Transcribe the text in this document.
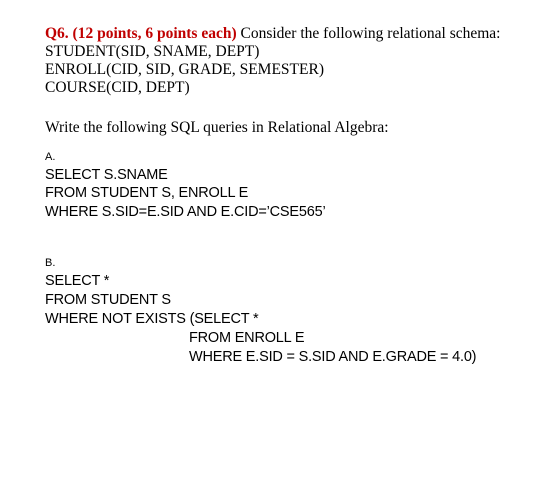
Q6. (12 points, 6 points each) Consider the following relational schema:
STUDENT(SID, SNAME, DEPT)
ENROLL(CID, SID, GRADE, SEMESTER)
COURSE(CID, DEPT)
Write the following SQL queries in Relational Algebra:
A.
SELECT S.SNAME
FROM STUDENT S, ENROLL E
WHERE S.SID=E.SID AND E.CID=’CSE565’
B.
SELECT *
FROM STUDENT S
WHERE NOT EXISTS (SELECT *
FROM ENROLL E
WHERE E.SID = S.SID AND E.GRADE = 4.0)
